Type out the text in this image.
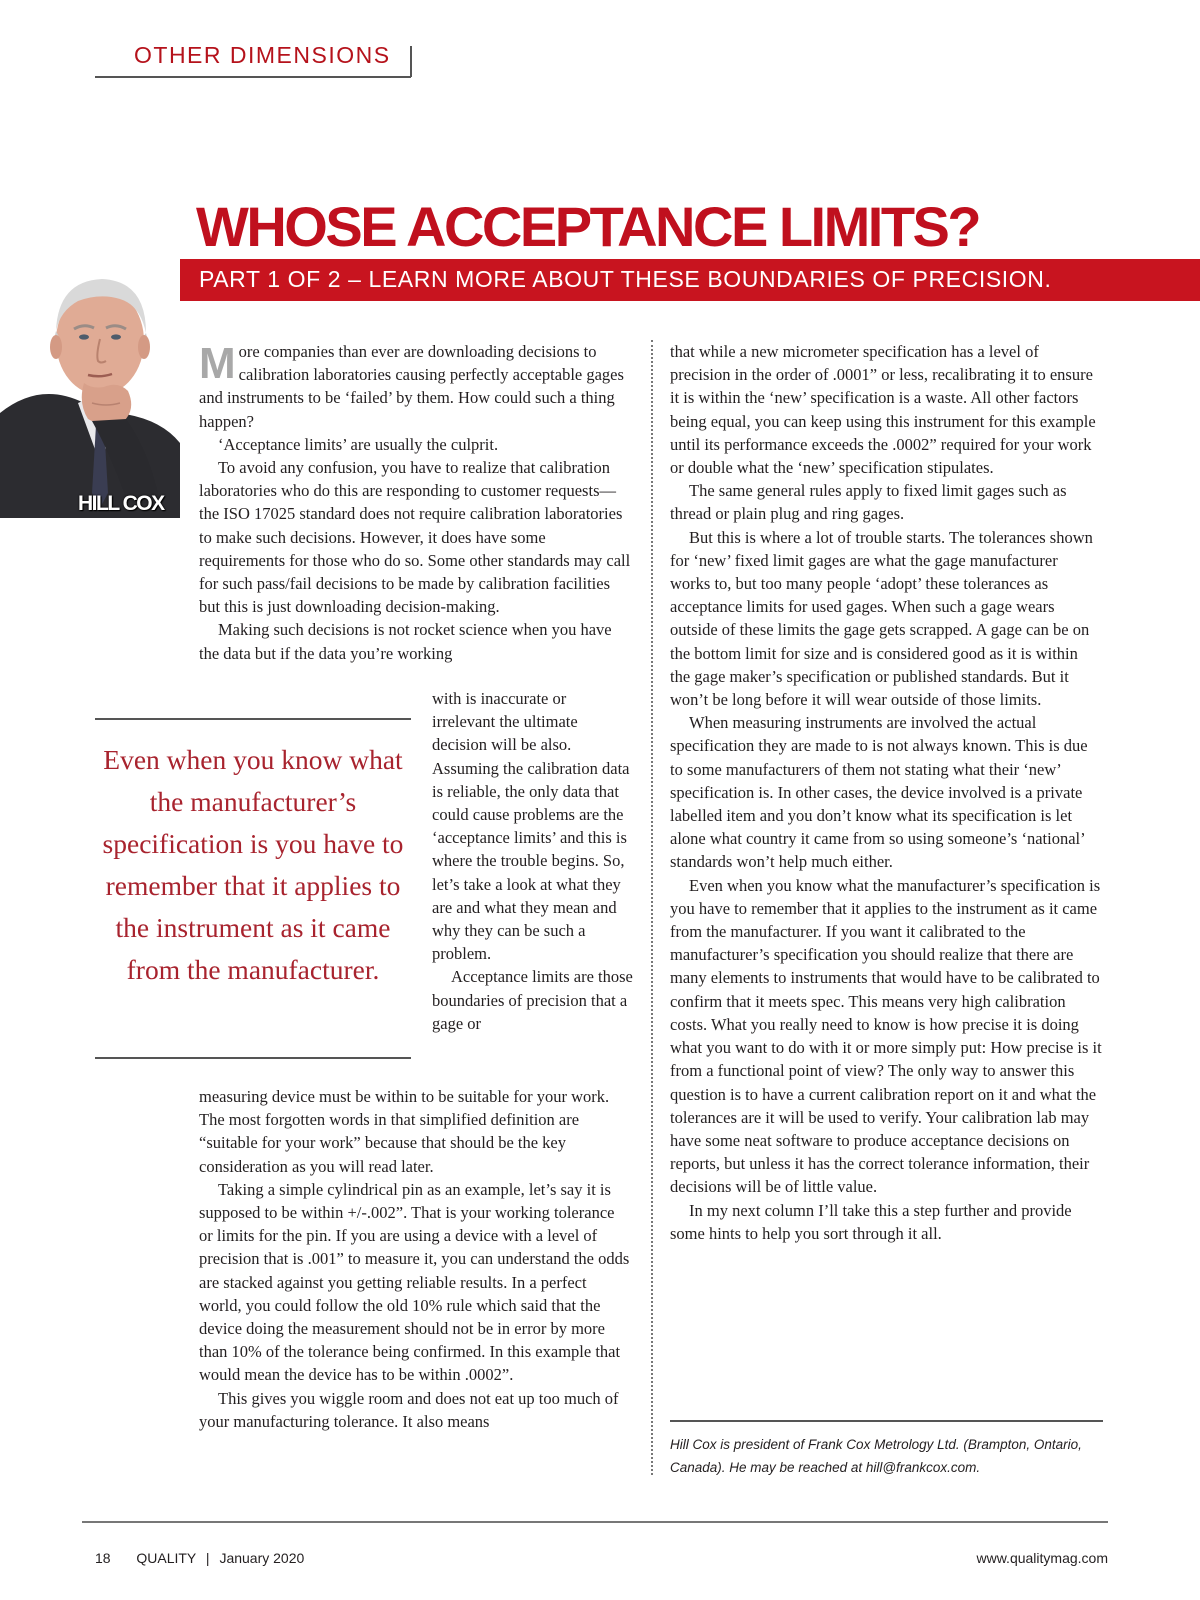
OTHER DIMENSIONS
WHOSE ACCEPTANCE LIMITS?
PART 1 OF 2 – LEARN MORE ABOUT THESE BOUNDARIES OF PRECISION.
HILL COX

More companies than ever are downloading decisions to calibration laboratories causing perfectly acceptable gages and instruments to be ‘failed’ by them. How could such a thing happen?

‘Acceptance limits’ are usually the culprit.

To avoid any confusion, you have to realize that calibration laboratories who do this are responding to customer requests—the ISO 17025 standard does not require calibration laboratories to make such decisions. However, it does have some requirements for those who do so. Some other standards may call for such pass/fail decisions to be made by calibration facilities but this is just downloading decision-making.

Making such decisions is not rocket science when you have the data but if the data you’re working

with is inaccurate or irrelevant the ultimate decision will be also. Assuming the calibration data is reliable, the only data that could cause problems are the ‘acceptance limits’ and this is where the trouble begins. So, let’s take a look at what they are and what they mean and why they can be such a problem.

Acceptance limits are those boundaries of precision that a gage or

measuring device must be within to be suitable for your work. The most forgotten words in that simplified definition are “suitable for your work” because that should be the key consideration as you will read later.

Taking a simple cylindrical pin as an example, let’s say it is supposed to be within +/-.002”. That is your working tolerance or limits for the pin. If you are using a device with a level of precision that is .001” to measure it, you can understand the odds are stacked against you getting reliable results. In a perfect world, you could follow the old 10% rule which said that the device doing the measurement should not be in error by more than 10% of the tolerance being confirmed. In this example that would mean the device has to be within .0002”.

This gives you wiggle room and does not eat up too much of your manufacturing tolerance. It also means

that while a new micrometer specification has a level of precision in the order of .0001” or less, recalibrating it to ensure it is within the ‘new’ specification is a waste. All other factors being equal, you can keep using this instrument for this example until its performance exceeds the .0002” required for your work or double what the ‘new’ specification stipulates.

The same general rules apply to fixed limit gages such as thread or plain plug and ring gages.

But this is where a lot of trouble starts. The tolerances shown for ‘new’ fixed limit gages are what the gage manufacturer works to, but too many people ‘adopt’ these tolerances as acceptance limits for used gages. When such a gage wears outside of these limits the gage gets scrapped. A gage can be on the bottom limit for size and is considered good as it is within the gage maker’s specification or published standards. But it won’t be long before it will wear outside of those limits.

When measuring instruments are involved the actual specification they are made to is not always known. This is due to some manufacturers of them not stating what their ‘new’ specification is. In other cases, the device involved is a private labelled item and you don’t know what its specification is let alone what country it came from so using someone’s ‘national’ standards won’t help much either.

Even when you know what the manufacturer’s specification is you have to remember that it applies to the instrument as it came from the manufacturer. If you want it calibrated to the manufacturer’s specification you should realize that there are many elements to instruments that would have to be calibrated to confirm that it meets spec. This means very high calibration costs. What you really need to know is how precise it is doing what you want to do with it or more simply put: How precise is it from a functional point of view? The only way to answer this question is to have a current calibration report on it and what the tolerances are it will be used to verify. Your calibration lab may have some neat software to produce acceptance decisions on reports, but unless it has the correct tolerance information, their decisions will be of little value.

In my next column I’ll take this a step further and provide some hints to help you sort through it all.

Even when you know what the manufacturer’s specification is you have to remember that it applies to the instrument as it came from the manufacturer.

Hill Cox is president of Frank Cox Metrology Ltd. (Brampton, Ontario, Canada). He may be reached at hill@frankcox.com.

18 QUALITY | January 2020	www.qualitymag.com
